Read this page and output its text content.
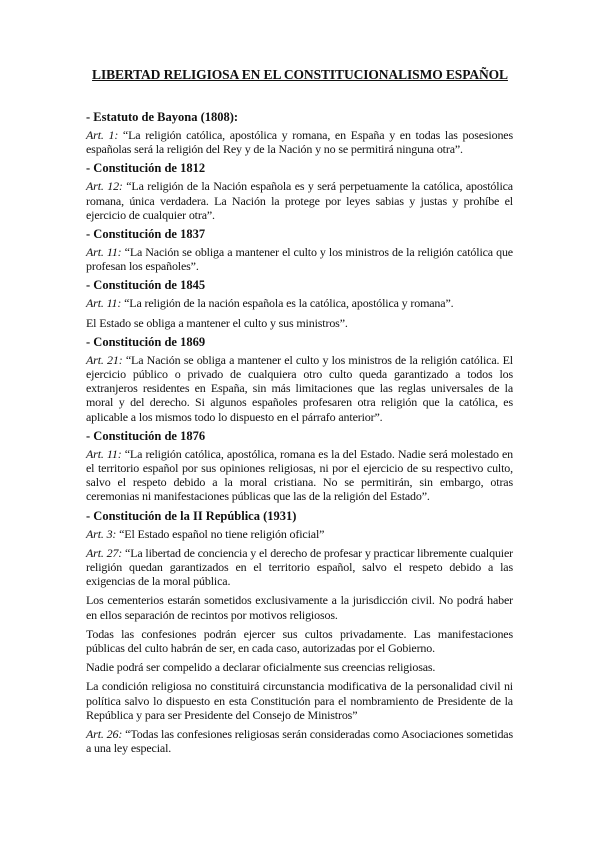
LIBERTAD RELIGIOSA EN EL CONSTITUCIONALISMO ESPAÑOL
- Estatuto de Bayona (1808):
Art. 1: “La religión católica, apostólica y romana, en España y en todas las posesiones españolas será la religión del Rey y de la Nación y no se permitirá ninguna otra”.
- Constitución de 1812
Art. 12: “La religión de la Nación española es y será perpetuamente la católica, apostólica romana, única verdadera. La Nación la protege por leyes sabias y justas y prohíbe el ejercicio de cualquier otra”.
- Constitución de 1837
Art. 11: “La Nación se obliga a mantener el culto y los ministros de la religión católica que profesan los españoles”.
- Constitución de 1845
Art. 11: “La religión de la nación española es la católica, apostólica y romana”.
El Estado se obliga a mantener el culto y sus ministros”.
- Constitución de 1869
Art. 21: “La Nación se obliga a mantener el culto y los ministros de la religión católica. El ejercicio público o privado de cualquiera otro culto queda garantizado a todos los extranjeros residentes en España, sin más limitaciones que las reglas universales de la moral y del derecho. Si algunos españoles profesaren otra religión que la católica, es aplicable a los mismos todo lo dispuesto en el párrafo anterior”.
- Constitución de 1876
Art. 11: “La religión católica, apostólica, romana es la del Estado. Nadie será molestado en el territorio español por sus opiniones religiosas, ni por el ejercicio de su respectivo culto, salvo el respeto debido a la moral cristiana. No se permitirán, sin embargo, otras ceremonias ni manifestaciones públicas que las de la religión del Estado”.
- Constitución de la II República (1931)
Art. 3: “El Estado español no tiene religión oficial”
Art. 27: “La libertad de conciencia y el derecho de profesar y practicar libremente cualquier religión quedan garantizados en el territorio español, salvo el respeto debido a las exigencias de la moral pública.
Los cementerios estarán sometidos exclusivamente a la jurisdicción civil. No podrá haber en ellos separación de recintos por motivos religiosos.
Todas las confesiones podrán ejercer sus cultos privadamente. Las manifestaciones públicas del culto habrán de ser, en cada caso, autorizadas por el Gobierno.
Nadie podrá ser compelido a declarar oficialmente sus creencias religiosas.
La condición religiosa no constituirá circunstancia modificativa de la personalidad civil ni política salvo lo dispuesto en esta Constitución para el nombramiento de Presidente de la República y para ser Presidente del Consejo de Ministros”
Art. 26: “Todas las confesiones religiosas serán consideradas como Asociaciones sometidas a una ley especial.
